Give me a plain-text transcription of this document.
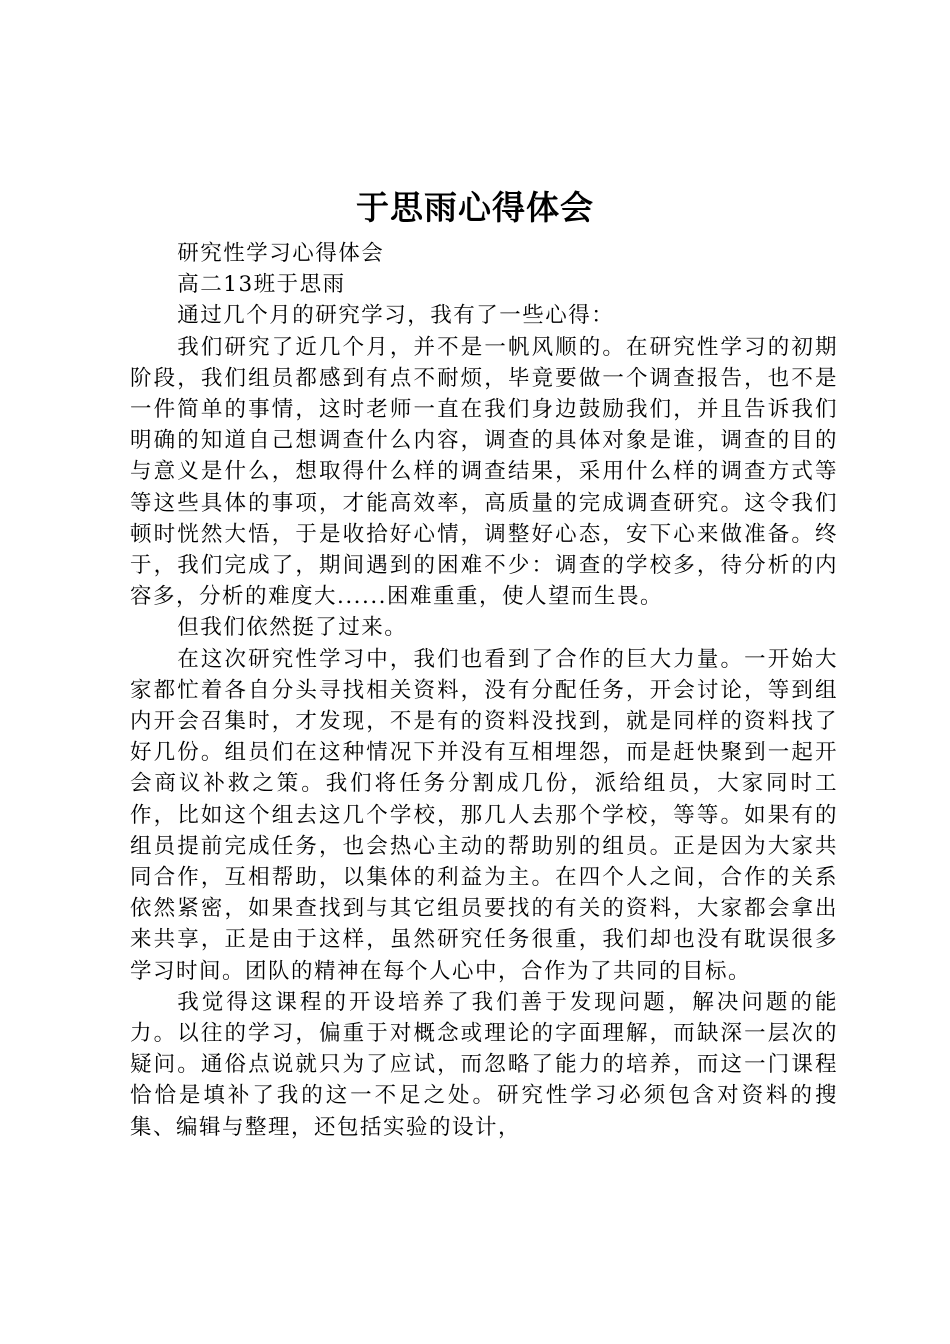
于思雨心得体会

研究性学习心得体会

高二13班于思雨

通过几个月的研究学习，我有了一些心得：

我们研究了近几个月，并不是一帆风顺的。在研究性学习的初期阶段，我们组员都感到有点不耐烦，毕竟要做一个调查报告，也不是一件简单的事情，这时老师一直在我们身边鼓励我们，并且告诉我们明确的知道自己想调查什么内容，调查的具体对象是谁，调查的目的与意义是什么，想取得什么样的调查结果，采用什么样的调查方式等等这些具体的事项，才能高效率，高质量的完成调查研究。这令我们顿时恍然大悟，于是收拾好心情，调整好心态，安下心来做准备。终于，我们完成了，期间遇到的困难不少：调查的学校多，待分析的内容多，分析的难度大......困难重重，使人望而生畏。

但我们依然挺了过来。

在这次研究性学习中，我们也看到了合作的巨大力量。一开始大家都忙着各自分头寻找相关资料，没有分配任务，开会讨论，等到组内开会召集时，才发现，不是有的资料没找到，就是同样的资料找了好几份。组员们在这种情况下并没有互相埋怨，而是赶快聚到一起开会商议补救之策。我们将任务分割成几份，派给组员，大家同时工作，比如这个组去这几个学校，那几人去那个学校，等等。如果有的组员提前完成任务，也会热心主动的帮助别的组员。正是因为大家共同合作，互相帮助，以集体的利益为主。在四个人之间，合作的关系依然紧密，如果查找到与其它组员要找的有关的资料，大家都会拿出来共享，正是由于这样，虽然研究任务很重，我们却也没有耽误很多学习时间。团队的精神在每个人心中，合作为了共同的目标。

我觉得这课程的开设培养了我们善于发现问题，解决问题的能力。以往的学习，偏重于对概念或理论的字面理解，而缺深一层次的疑问。通俗点说就只为了应试，而忽略了能力的培养，而这一门课程恰恰是填补了我的这一不足之处。研究性学习必须包含对资料的搜集、编辑与整理，还包括实验的设计，
